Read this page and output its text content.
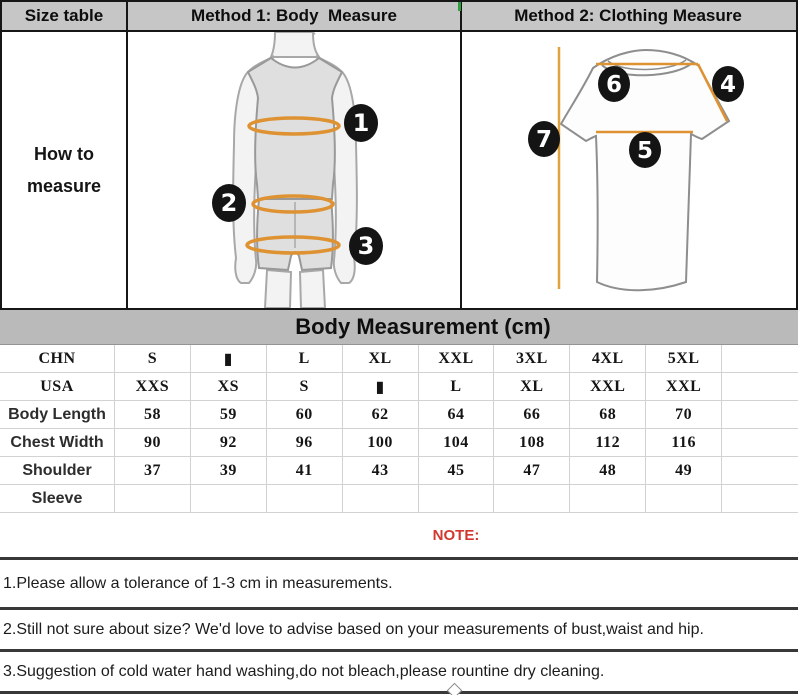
Size table	Method 1: Body  Measure	Method 2: Clothing Measure
How to
measure
1
2
3
6	4
7	5
Body Measurement (cm)
CHN	S	▮	L	XL	XXL	3XL	4XL	5XL
USA	XXS	XS	S	▮	L	XL	XXL	XXL
Body Length	58	59	60	62	64	66	68	70
Chest Width	90	92	96	100	104	108	112	116
Shoulder	37	39	41	43	45	47	48	49
Sleeve
NOTE:
1.Please allow a tolerance of 1-3 cm in measurements.
2.Still not sure about size? We'd love to advise based on your measurements of bust,waist and hip.
3.Suggestion of cold water hand washing,do not bleach,please rountine dry cleaning.
